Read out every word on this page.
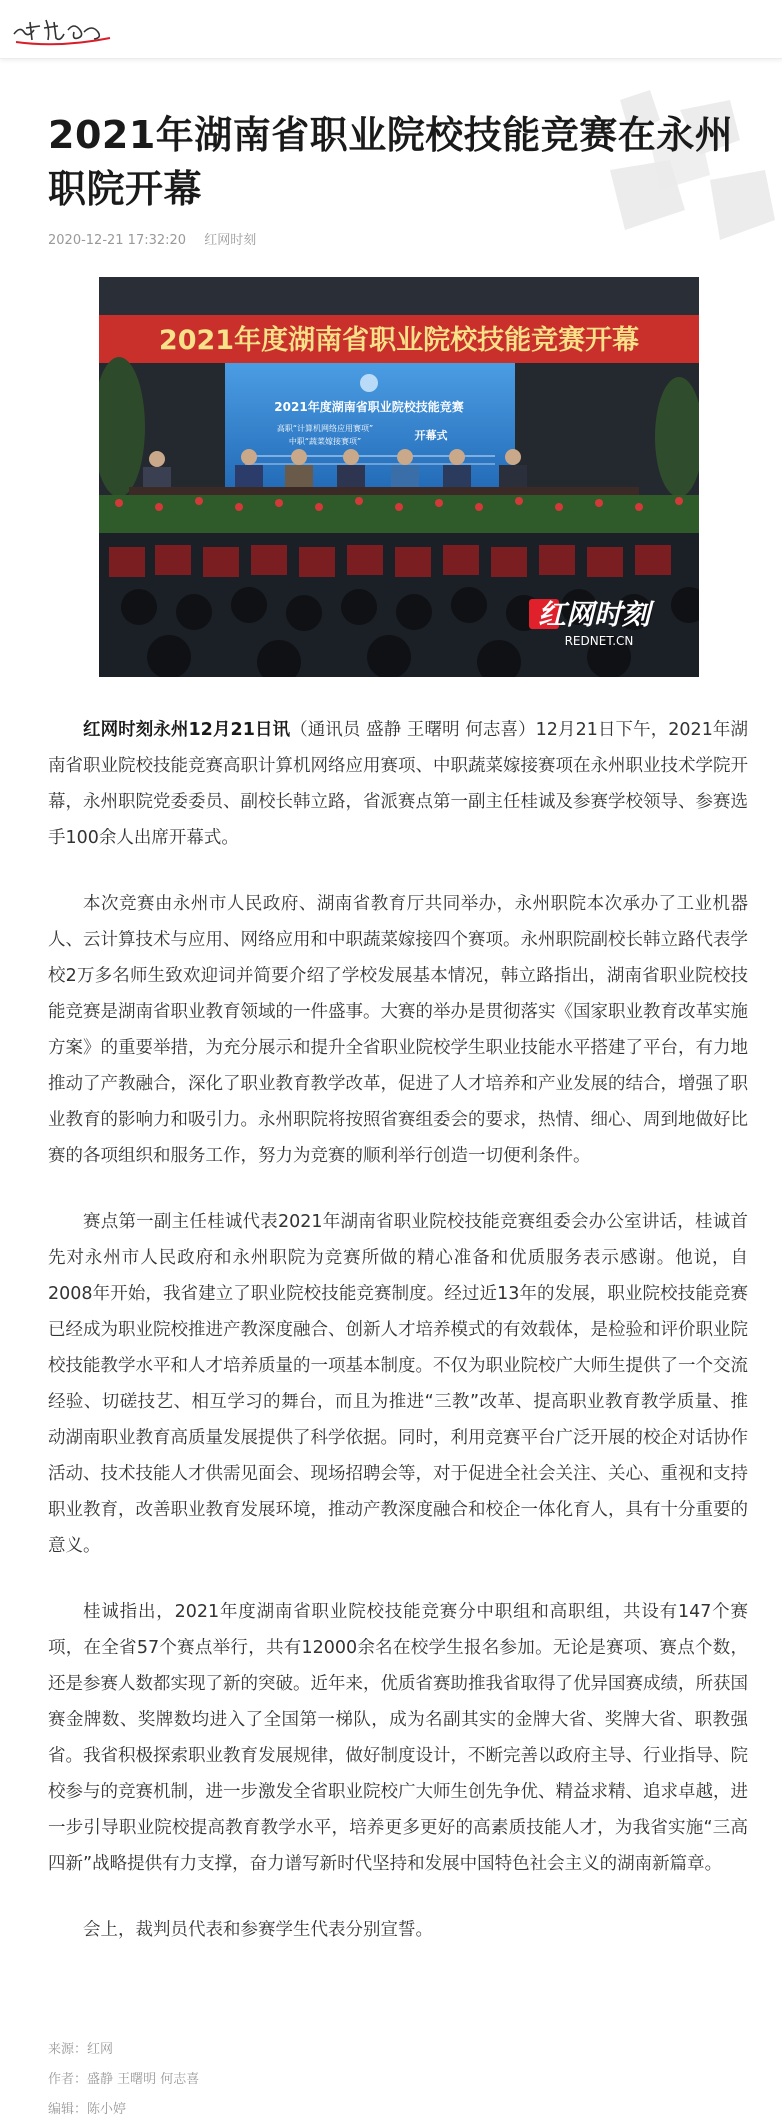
2021年湖南省职业院校技能竞赛在永州职院开幕
2020-12-21 17:32:20 红网时刻
2021年度湖南省职业院校技能竞赛开幕
2021年度湖南省职业院校技能竞赛
高职“计算机网络应用赛项”
中职“蔬菜嫁接赛项”	开幕式
红网时刻
REDNET.CN

红网时刻永州12月21日讯（通讯员 盛静 王曙明 何志喜）12月21日下午，2021年湖南省职业院校技能竞赛高职计算机网络应用赛项、中职蔬菜嫁接赛项在永州职业技术学院开幕，永州职院党委委员、副校长韩立路，省派赛点第一副主任桂诚及参赛学校领导、参赛选手100余人出席开幕式。

本次竞赛由永州市人民政府、湖南省教育厅共同举办，永州职院本次承办了工业机器人、云计算技术与应用、网络应用和中职蔬菜嫁接四个赛项。永州职院副校长韩立路代表学校2万多名师生致欢迎词并简要介绍了学校发展基本情况，韩立路指出，湖南省职业院校技能竞赛是湖南省职业教育领域的一件盛事。大赛的举办是贯彻落实《国家职业教育改革实施方案》的重要举措，为充分展示和提升全省职业院校学生职业技能水平搭建了平台，有力地推动了产教融合，深化了职业教育教学改革，促进了人才培养和产业发展的结合，增强了职业教育的影响力和吸引力。永州职院将按照省赛组委会的要求，热情、细心、周到地做好比赛的各项组织和服务工作，努力为竞赛的顺利举行创造一切便利条件。

赛点第一副主任桂诚代表2021年湖南省职业院校技能竞赛组委会办公室讲话，桂诚首先对永州市人民政府和永州职院为竞赛所做的精心准备和优质服务表示感谢。他说，自2008年开始，我省建立了职业院校技能竞赛制度。经过近13年的发展，职业院校技能竞赛已经成为职业院校推进产教深度融合、创新人才培养模式的有效载体，是检验和评价职业院校技能教学水平和人才培养质量的一项基本制度。不仅为职业院校广大师生提供了一个交流经验、切磋技艺、相互学习的舞台，而且为推进“三教”改革、提高职业教育教学质量、推动湖南职业教育高质量发展提供了科学依据。同时，利用竞赛平台广泛开展的校企对话协作活动、技术技能人才供需见面会、现场招聘会等，对于促进全社会关注、关心、重视和支持职业教育，改善职业教育发展环境，推动产教深度融合和校企一体化育人，具有十分重要的意义。

桂诚指出，2021年度湖南省职业院校技能竞赛分中职组和高职组，共设有147个赛项，在全省57个赛点举行，共有12000余名在校学生报名参加。无论是赛项、赛点个数，还是参赛人数都实现了新的突破。近年来，优质省赛助推我省取得了优异国赛成绩，所获国赛金牌数、奖牌数均进入了全国第一梯队，成为名副其实的金牌大省、奖牌大省、职教强省。我省积极探索职业教育发展规律，做好制度设计，不断完善以政府主导、行业指导、院校参与的竞赛机制，进一步激发全省职业院校广大师生创先争优、精益求精、追求卓越，进一步引导职业院校提高教育教学水平，培养更多更好的高素质技能人才，为我省实施“三高四新”战略提供有力支撑，奋力谱写新时代坚持和发展中国特色社会主义的湖南新篇章。

会上，裁判员代表和参赛学生代表分别宣誓。

来源：红网
作者：盛静 王曙明 何志喜
编辑：陈小婷
